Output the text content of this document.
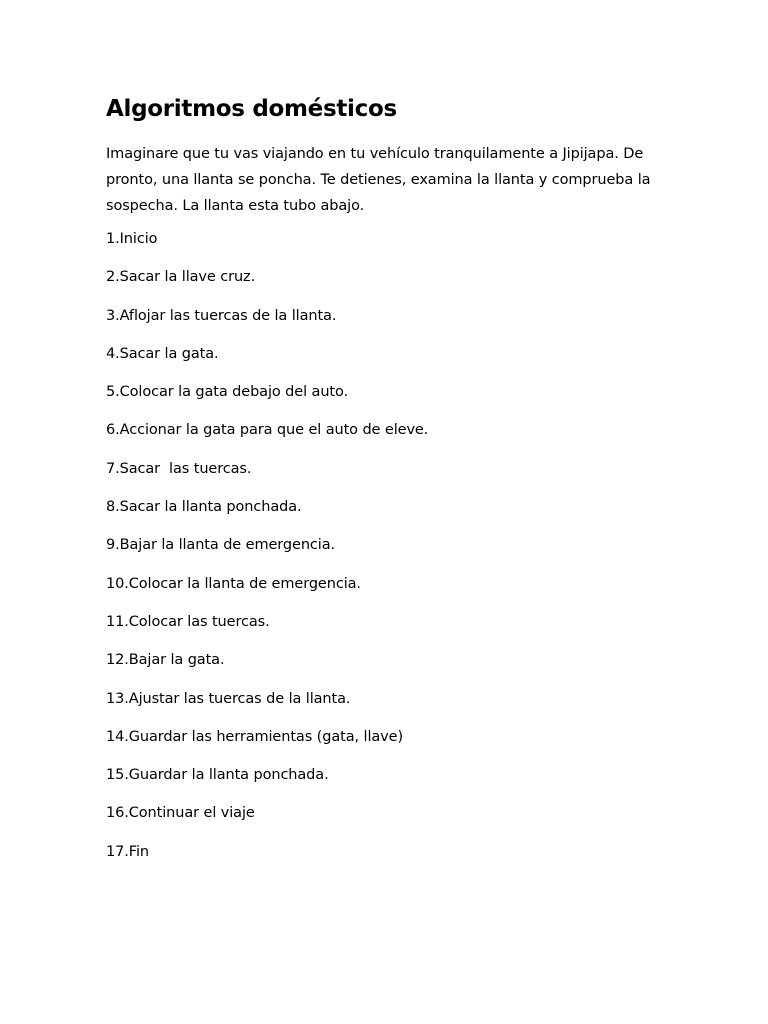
Algoritmos domésticos

Imaginare que tu vas viajando en tu vehículo tranquilamente a Jipijapa. De pronto, una llanta se poncha. Te detienes, examina la llanta y comprueba la sospecha. La llanta esta tubo abajo.

1.Inicio
2.Sacar la llave cruz.
3.Aflojar las tuercas de la llanta.
4.Sacar la gata.
5.Colocar la gata debajo del auto.
6.Accionar la gata para que el auto de eleve.
7.Sacar  las tuercas.
8.Sacar la llanta ponchada.
9.Bajar la llanta de emergencia.
10.Colocar la llanta de emergencia.
11.Colocar las tuercas.
12.Bajar la gata.
13.Ajustar las tuercas de la llanta.
14.Guardar las herramientas (gata, llave)
15.Guardar la llanta ponchada.
16.Continuar el viaje
17.Fin
